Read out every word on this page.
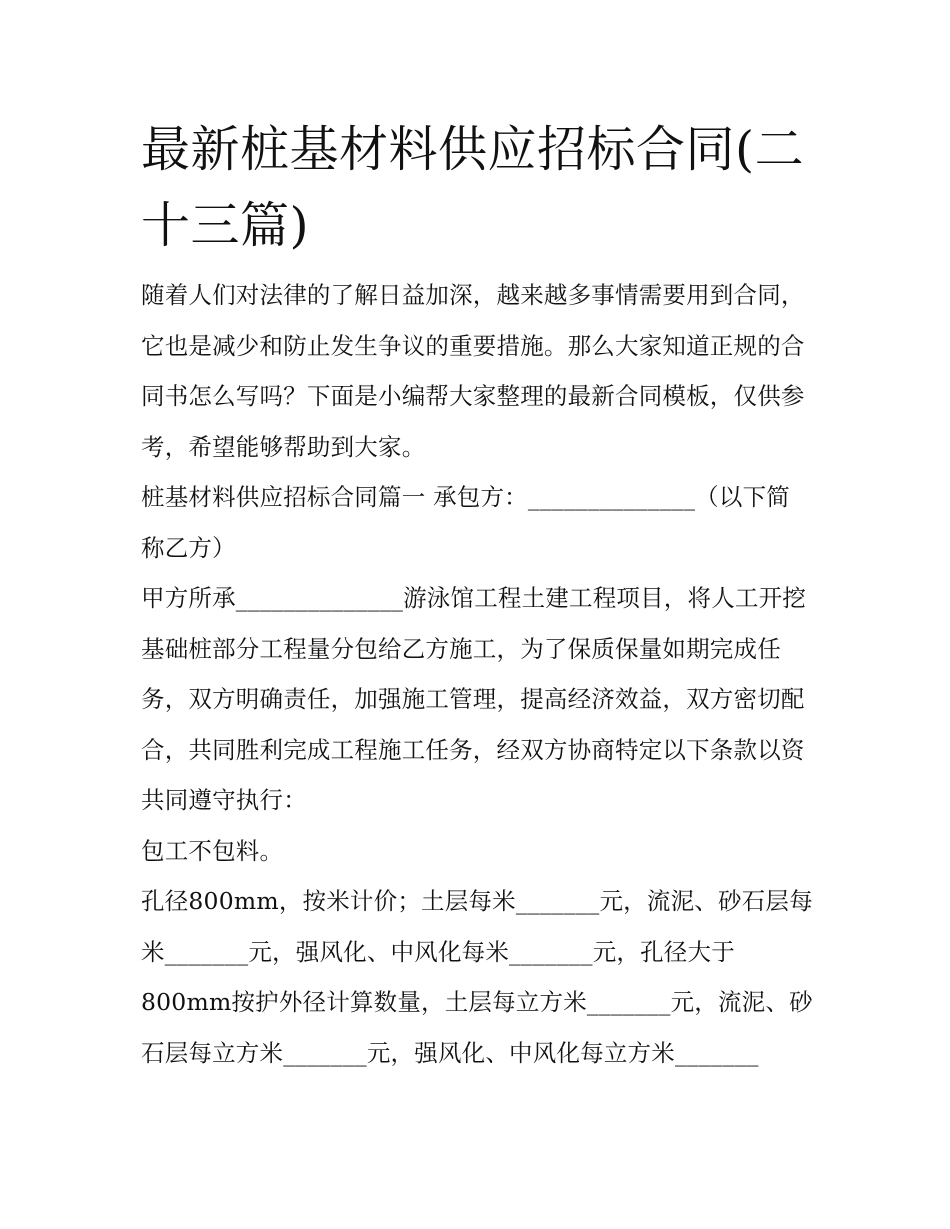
最新桩基材料供应招标合同(二十三篇)

随着人们对法律的了解日益加深，越来越多事情需要用到合同，它也是减少和防止发生争议的重要措施。那么大家知道正规的合同书怎么写吗？下面是小编帮大家整理的最新合同模板，仅供参考，希望能够帮助到大家。

桩基材料供应招标合同篇一 承包方：______________（以下简称乙方）

甲方所承______________游泳馆工程土建工程项目，将人工开挖基础桩部分工程量分包给乙方施工，为了保质保量如期完成任务，双方明确责任，加强施工管理，提高经济效益，双方密切配合，共同胜利完成工程施工任务，经双方协商特定以下条款以资共同遵守执行：

包工不包料。

孔径800mm，按米计价；土层每米_______元，流泥、砂石层每米_______元，强风化、中风化每米_______元，孔径大于800mm按护外径计算数量，土层每立方米_______元，流泥、砂石层每立方米_______元，强风化、中风化每立方米_______
